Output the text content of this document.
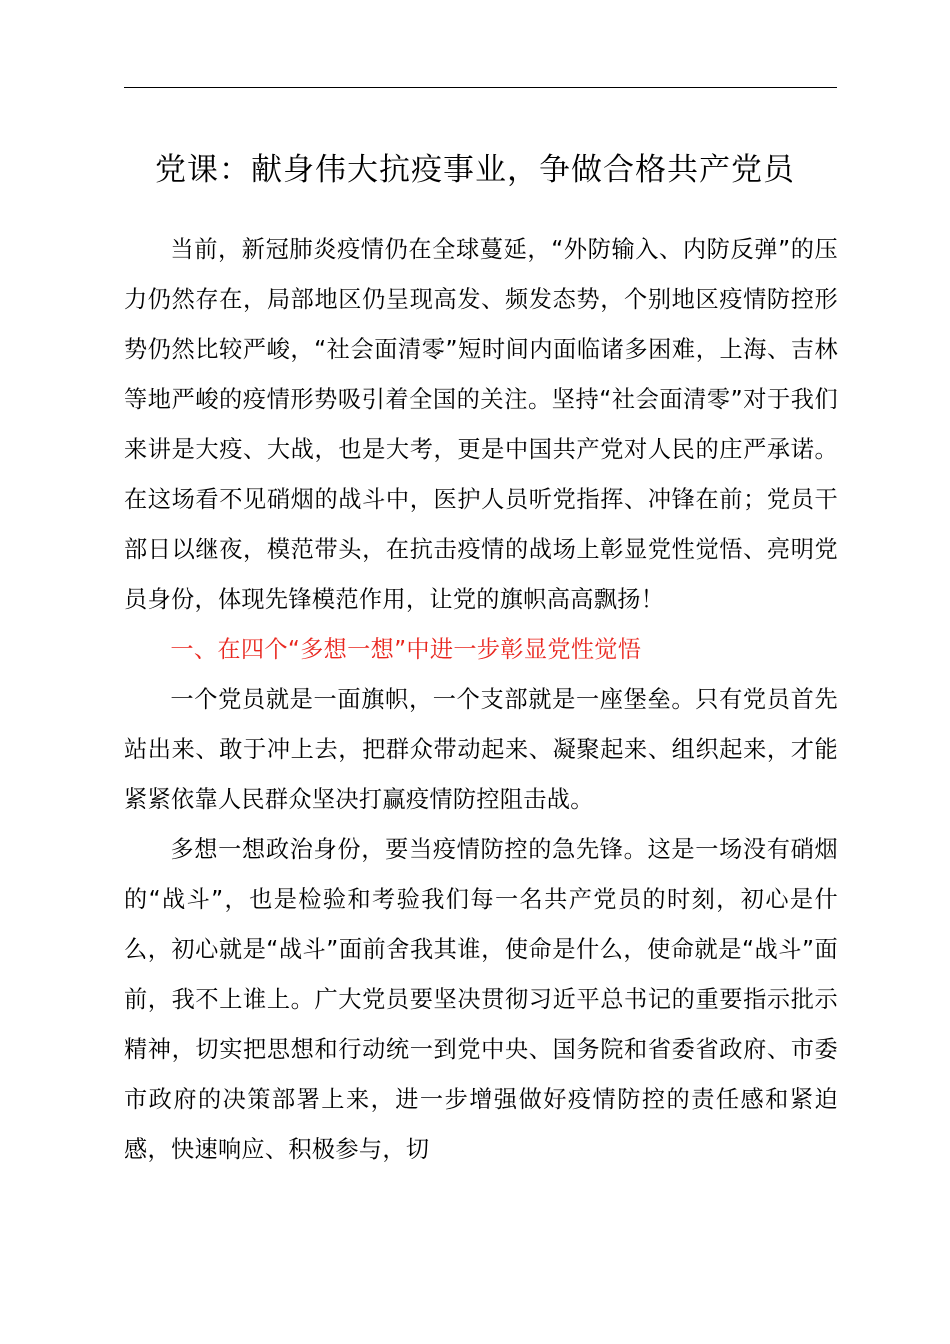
党课：献身伟大抗疫事业，争做合格共产党员

当前，新冠肺炎疫情仍在全球蔓延，“外防输入、内防反弹”的压力仍然存在，局部地区仍呈现高发、频发态势，个别地区疫情防控形势仍然比较严峻，“社会面清零”短时间内面临诸多困难，上海、吉林等地严峻的疫情形势吸引着全国的关注。坚持“社会面清零”对于我们来讲是大疫、大战，也是大考，更是中国共产党对人民的庄严承诺。在这场看不见硝烟的战斗中，医护人员听党指挥、冲锋在前；党员干部日以继夜，模范带头，在抗击疫情的战场上彰显党性觉悟、亮明党员身份，体现先锋模范作用，让党的旗帜高高飘扬！

一、在四个“多想一想”中进一步彰显党性觉悟

一个党员就是一面旗帜，一个支部就是一座堡垒。只有党员首先站出来、敢于冲上去，把群众带动起来、凝聚起来、组织起来，才能紧紧依靠人民群众坚决打赢疫情防控阻击战。

多想一想政治身份，要当疫情防控的急先锋。这是一场没有硝烟的“战斗”，也是检验和考验我们每一名共产党员的时刻，初心是什么，初心就是“战斗”面前舍我其谁，使命是什么，使命就是“战斗”面前，我不上谁上。广大党员要坚决贯彻习近平总书记的重要指示批示精神，切实把思想和行动统一到党中央、国务院和省委省政府、市委市政府的决策部署上来，进一步增强做好疫情防控的责任感和紧迫感，快速响应、积极参与，切
